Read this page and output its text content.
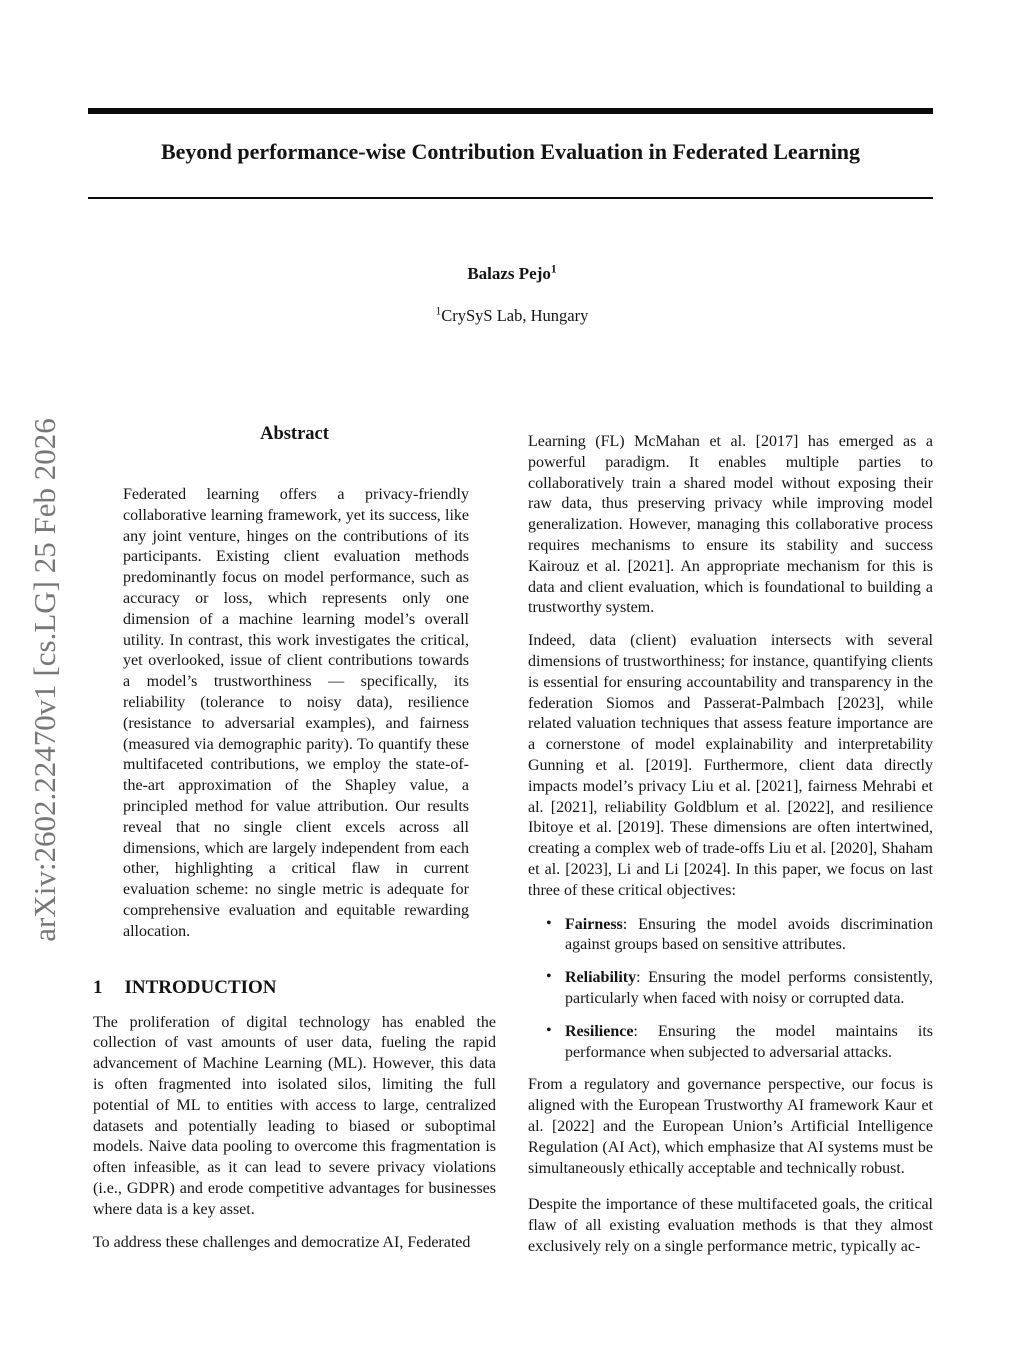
arXiv:2602.22470v1 [cs.LG] 25 Feb 2026
Beyond performance-wise Contribution Evaluation in Federated Learning
Balazs Pejo$^1$
$^1$CrySyS Lab, Hungary
Abstract

Federated learning offers a privacy-friendly collaborative learning framework, yet its success, like any joint venture, hinges on the contributions of its participants. Existing client evaluation methods predominantly focus on model performance, such as accuracy or loss, which represents only one dimension of a machine learning model’s overall utility. In contrast, this work investigates the critical, yet overlooked, issue of client contributions towards a model’s trustworthiness — specifically, its reliability (tolerance to noisy data), resilience (resistance to adversarial examples), and fairness (measured via demographic parity). To quantify these multifaceted contributions, we employ the state-of-the-art approximation of the Shapley value, a principled method for value attribution. Our results reveal that no single client excels across all dimensions, which are largely independent from each other, highlighting a critical flaw in current evaluation scheme: no single metric is adequate for comprehensive evaluation and equitable rewarding allocation.

1 INTRODUCTION

The proliferation of digital technology has enabled the collection of vast amounts of user data, fueling the rapid advancement of Machine Learning (ML). However, this data is often fragmented into isolated silos, limiting the full potential of ML to entities with access to large, centralized datasets and potentially leading to biased or suboptimal models. Naive data pooling to overcome this fragmentation is often infeasible, as it can lead to severe privacy violations (i.e., GDPR) and erode competitive advantages for businesses where data is a key asset.

To address these challenges and democratize AI, Federated

Learning (FL) McMahan et al. [2017] has emerged as a powerful paradigm. It enables multiple parties to collaboratively train a shared model without exposing their raw data, thus preserving privacy while improving model generalization. However, managing this collaborative process requires mechanisms to ensure its stability and success Kairouz et al. [2021]. An appropriate mechanism for this is data and client evaluation, which is foundational to building a trustworthy system.

Indeed, data (client) evaluation intersects with several dimensions of trustworthiness; for instance, quantifying clients is essential for ensuring accountability and transparency in the federation Siomos and Passerat-Palmbach [2023], while related valuation techniques that assess feature importance are a cornerstone of model explainability and interpretability Gunning et al. [2019]. Furthermore, client data directly impacts model’s privacy Liu et al. [2021], fairness Mehrabi et al. [2021], reliability Goldblum et al. [2022], and resilience Ibitoye et al. [2019]. These dimensions are often intertwined, creating a complex web of trade-offs Liu et al. [2020], Shaham et al. [2023], Li and Li [2024]. In this paper, we focus on last three of these critical objectives:

• Fairness: Ensuring the model avoids discrimination against groups based on sensitive attributes.
• Reliability: Ensuring the model performs consistently, particularly when faced with noisy or corrupted data.
• Resilience: Ensuring the model maintains its performance when subjected to adversarial attacks.

From a regulatory and governance perspective, our focus is aligned with the European Trustworthy AI framework Kaur et al. [2022] and the European Union’s Artificial Intelligence Regulation (AI Act), which emphasize that AI systems must be simultaneously ethically acceptable and technically robust.

Despite the importance of these multifaceted goals, the critical flaw of all existing evaluation methods is that they almost exclusively rely on a single performance metric, typically ac-
